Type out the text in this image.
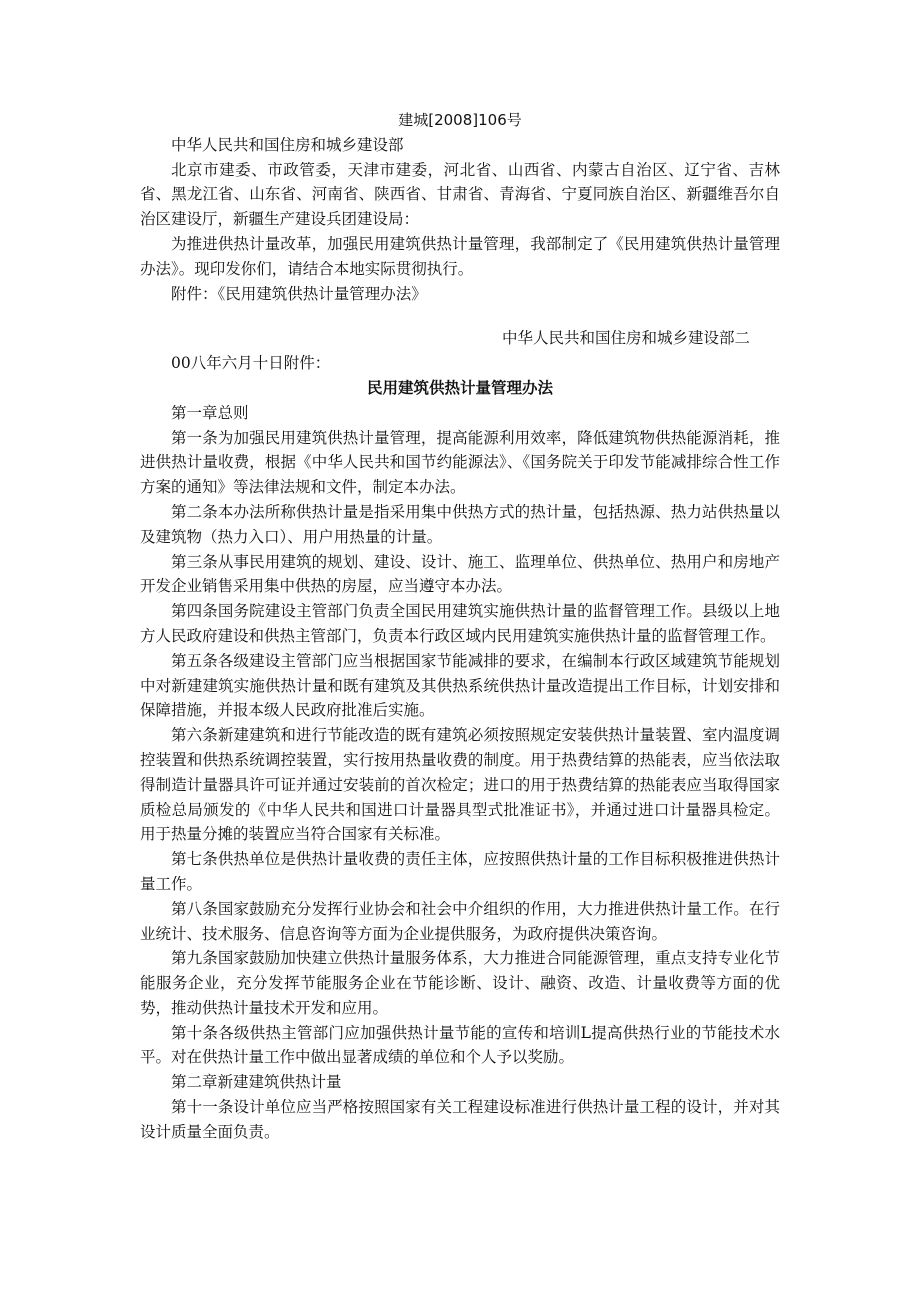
建城[2008]106号

中华人民共和国住房和城乡建设部

北京市建委、市政管委，天津市建委，河北省、山西省、内蒙古自治区、辽宁省、吉林省、黑龙江省、山东省、河南省、陕西省、甘肃省、青海省、宁夏同族自治区、新疆维吾尔自治区建设厅，新疆生产建设兵团建设局：

为推进供热计量改革，加强民用建筑供热计量管理，我部制定了《民用建筑供热计量管理办法》。现印发你们，请结合本地实际贯彻执行。

附件：《民用建筑供热计量管理办法》

中华人民共和国住房和城乡建设部二

00八年六月十日附件：

民用建筑供热计量管理办法

第一章总则

第一条为加强民用建筑供热计量管理，提高能源利用效率，降低建筑物供热能源消耗，推进供热计量收费，根据《中华人民共和国节约能源法》、《国务院关于印发节能减排综合性工作方案的通知》等法律法规和文件，制定本办法。

第二条本办法所称供热计量是指采用集中供热方式的热计量，包括热源、热力站供热量以及建筑物（热力入口）、用户用热量的计量。

第三条从事民用建筑的规划、建设、设计、施工、监理单位、供热单位、热用户和房地产开发企业销售采用集中供热的房屋，应当遵守本办法。

第四条国务院建设主管部门负责全国民用建筑实施供热计量的监督管理工作。县级以上地方人民政府建设和供热主管部门，负责本行政区域内民用建筑实施供热计量的监督管理工作。

第五条各级建设主管部门应当根据国家节能减排的要求，在编制本行政区域建筑节能规划中对新建建筑实施供热计量和既有建筑及其供热系统供热计量改造提出工作目标，计划安排和保障措施，并报本级人民政府批准后实施。

第六条新建建筑和进行节能改造的既有建筑必须按照规定安装供热计量装置、室内温度调控装置和供热系统调控装置，实行按用热量收费的制度。用于热费结算的热能表，应当依法取得制造计量器具许可证并通过安装前的首次检定；进口的用于热费结算的热能表应当取得国家质检总局颁发的《中华人民共和国进口计量器具型式批准证书》，并通过进口计量器具检定。用于热量分摊的装置应当符合国家有关标准。

第七条供热单位是供热计量收费的责任主体，应按照供热计量的工作目标积极推进供热计量工作。

第八条国家鼓励充分发挥行业协会和社会中介组织的作用，大力推进供热计量工作。在行业统计、技术服务、信息咨询等方面为企业提供服务，为政府提供决策咨询。

第九条国家鼓励加快建立供热计量服务体系，大力推进合同能源管理，重点支持专业化节能服务企业，充分发挥节能服务企业在节能诊断、设计、融资、改造、计量收费等方面的优势，推动供热计量技术开发和应用。

第十条各级供热主管部门应加强供热计量节能的宣传和培训L提高供热行业的节能技术水平。对在供热计量工作中做出显著成绩的单位和个人予以奖励。

第二章新建建筑供热计量

第十一条设计单位应当严格按照国家有关工程建设标准进行供热计量工程的设计，并对其设计质量全面负责。
